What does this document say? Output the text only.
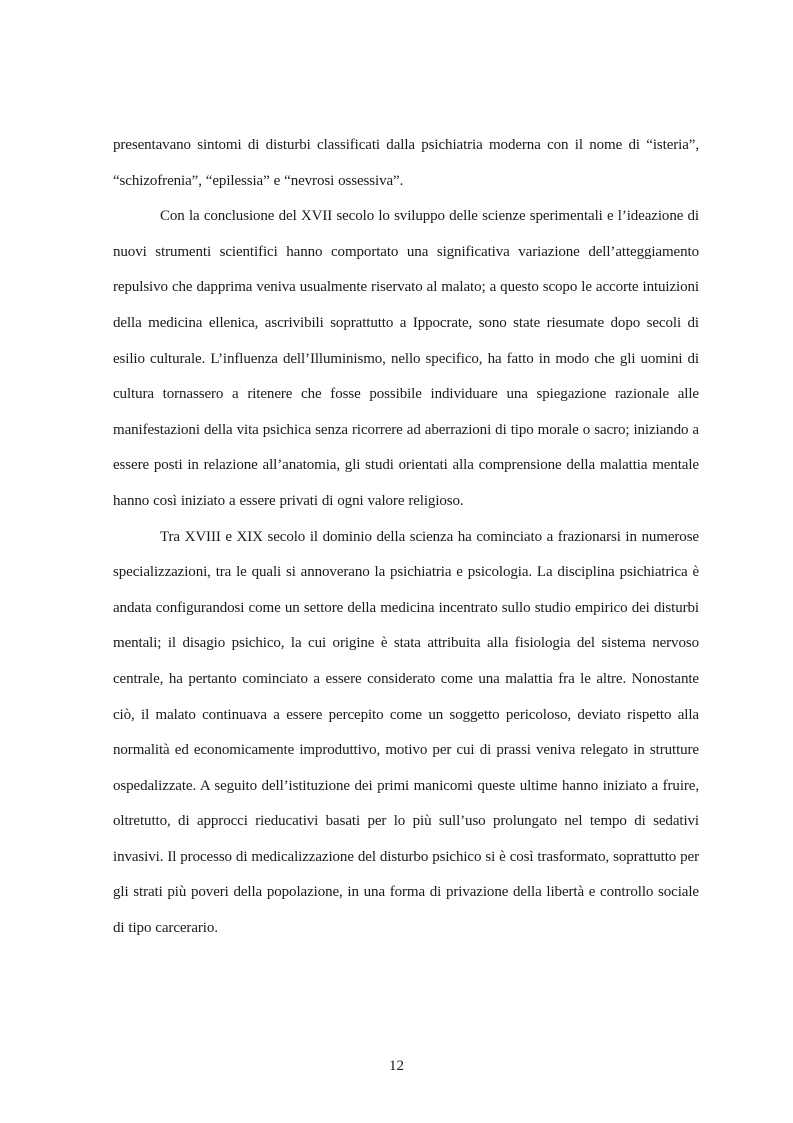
presentavano sintomi di disturbi classificati dalla psichiatria moderna con il nome di “isteria”, “schizofrenia”, “epilessia” e “nevrosi ossessiva”.

Con la conclusione del XVII secolo lo sviluppo delle scienze sperimentali e l’ideazione di nuovi strumenti scientifici hanno comportato una significativa variazione dell’atteggiamento repulsivo che dapprima veniva usualmente riservato al malato; a questo scopo le accorte intuizioni della medicina ellenica, ascrivibili soprattutto a Ippocrate, sono state riesumate dopo secoli di esilio culturale. L’influenza dell’Illuminismo, nello specifico, ha fatto in modo che gli uomini di cultura tornassero a ritenere che fosse possibile individuare una spiegazione razionale alle manifestazioni della vita psichica senza ricorrere ad aberrazioni di tipo morale o sacro; iniziando a essere posti in relazione all’anatomia, gli studi orientati alla comprensione della malattia mentale hanno così iniziato a essere privati di ogni valore religioso.

Tra XVIII e XIX secolo il dominio della scienza ha cominciato a frazionarsi in numerose specializzazioni, tra le quali si annoverano la psichiatria e psicologia. La disciplina psichiatrica è andata configurandosi come un settore della medicina incentrato sullo studio empirico dei disturbi mentali; il disagio psichico, la cui origine è stata attribuita alla fisiologia del sistema nervoso centrale, ha pertanto cominciato a essere considerato come una malattia fra le altre. Nonostante ciò, il malato continuava a essere percepito come un soggetto pericoloso, deviato rispetto alla normalità ed economicamente improduttivo, motivo per cui di prassi veniva relegato in strutture ospedalizzate. A seguito dell’istituzione dei primi manicomi queste ultime hanno iniziato a fruire, oltretutto, di approcci rieducativi basati per lo più sull’uso prolungato nel tempo di sedativi invasivi. Il processo di medicalizzazione del disturbo psichico si è così trasformato, soprattutto per gli strati più poveri della popolazione, in una forma di privazione della libertà e controllo sociale di tipo carcerario.

12
